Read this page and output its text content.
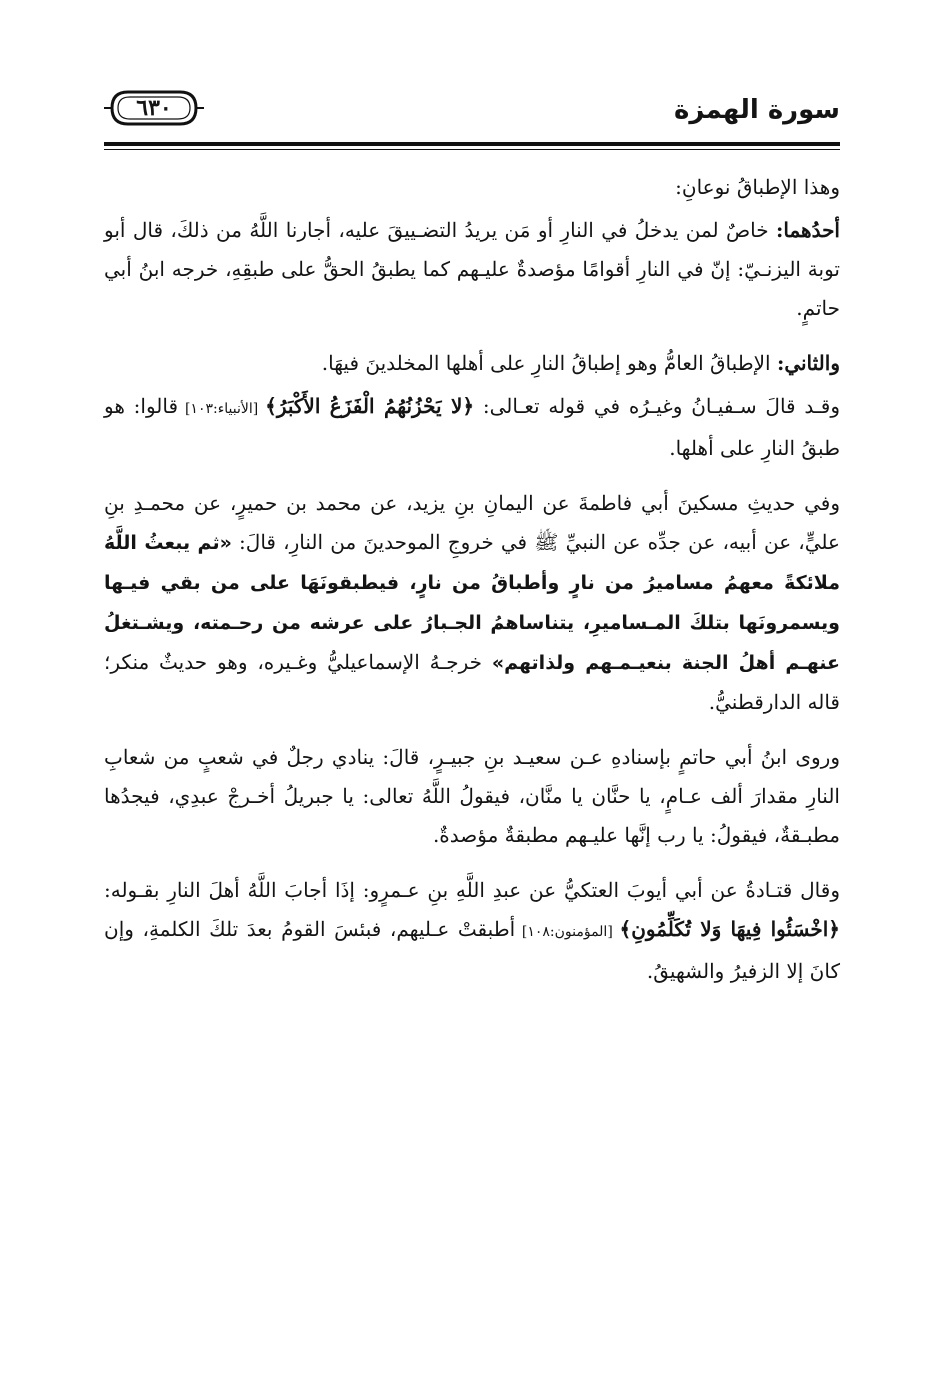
٦٣٠	سورة الهمزة

وهذا الإطباقُ نوعانِ:

أحدُهما: خاصٌ لمن يدخلُ في النارِ أو مَن يريدُ التضـييقَ عليه، أجارنا اللَّهُ من ذلكَ، قال أبو توبة اليزنـيّ: إنّ في النارِ أقوامًا مؤصدةٌ عليـهم كما يطبقُ الحقُّ على طبقِهِ، خرجه ابنُ أبي حاتمٍ.

والثاني: الإطباقُ العامُّ وهو إطباقُ النارِ على أهلها المخلدينَ فيهَا.

وقـد قالَ سـفيـانُ وغيـرُه في قوله تعـالى: ﴿لا يَحْزُنُهُمُ الْفَزَعُ الأَكْبَرُ﴾ [الأنبياء:١٠٣] قالوا: هو طبقُ النارِ على أهلها.

وفي حديثِ مسكينَ أبي فاطمةَ عن اليمانِ بنِ يزيد، عن محمد بن حميرٍ، عن محمـدِ بنِ عليٍّ، عن أبيه، عن جدِّه عن النبيِّ ﷺ في خروجِ الموحدينَ من النارِ، قالَ: «ثم يبعثُ اللَّهُ ملائكةً معهمُ مساميرُ من نارٍ وأطباقُ من نارٍ، فيطبقونَهَا على من بقي فيـها ويسمرونَها بتلكَ المـساميرِ، يتناساهمُ الجـبارُ على عرشه من رحـمته، ويشـتغلُ عنهـم أهلُ الجنة بنعيـمـهم ولذاتهم» خرجـهُ الإسماعيليُّ وغـيره، وهو حديثٌ منكر؛ قاله الدارقطنيُّ.

وروى ابنُ أبي حاتمٍ بإسنادهِ عـن سعيـد بنِ جبيـرٍ، قالَ: ينادي رجلٌ في شعبٍ من شعابِ النارِ مقدارَ ألف عـامٍ، يا حنَّان يا منَّان، فيقولُ اللَّهُ تعالى: يا جبريلُ أخـرجْ عبدِي، فيجدُها مطبـقةٌ، فيقولُ: يا رب إنَّها عليـهم مطبقةٌ مؤصدةٌ.

وقال قتـادةُ عن أبي أيوبَ العتكيُّ عن عبدِ اللَّهِ بنِ عـمرٍو: إذَا أجابَ اللَّهُ أهلَ النارِ بقـوله: ﴿اخْسَئُوا فِيهَا وَلا تُكَلِّمُونِ﴾ [المؤمنون:١٠٨] أطبقتْ عـليهم، فبئسَ القومُ بعدَ تلكَ الكلمةِ، وإن كانَ إلا الزفيرُ والشهيقُ.
